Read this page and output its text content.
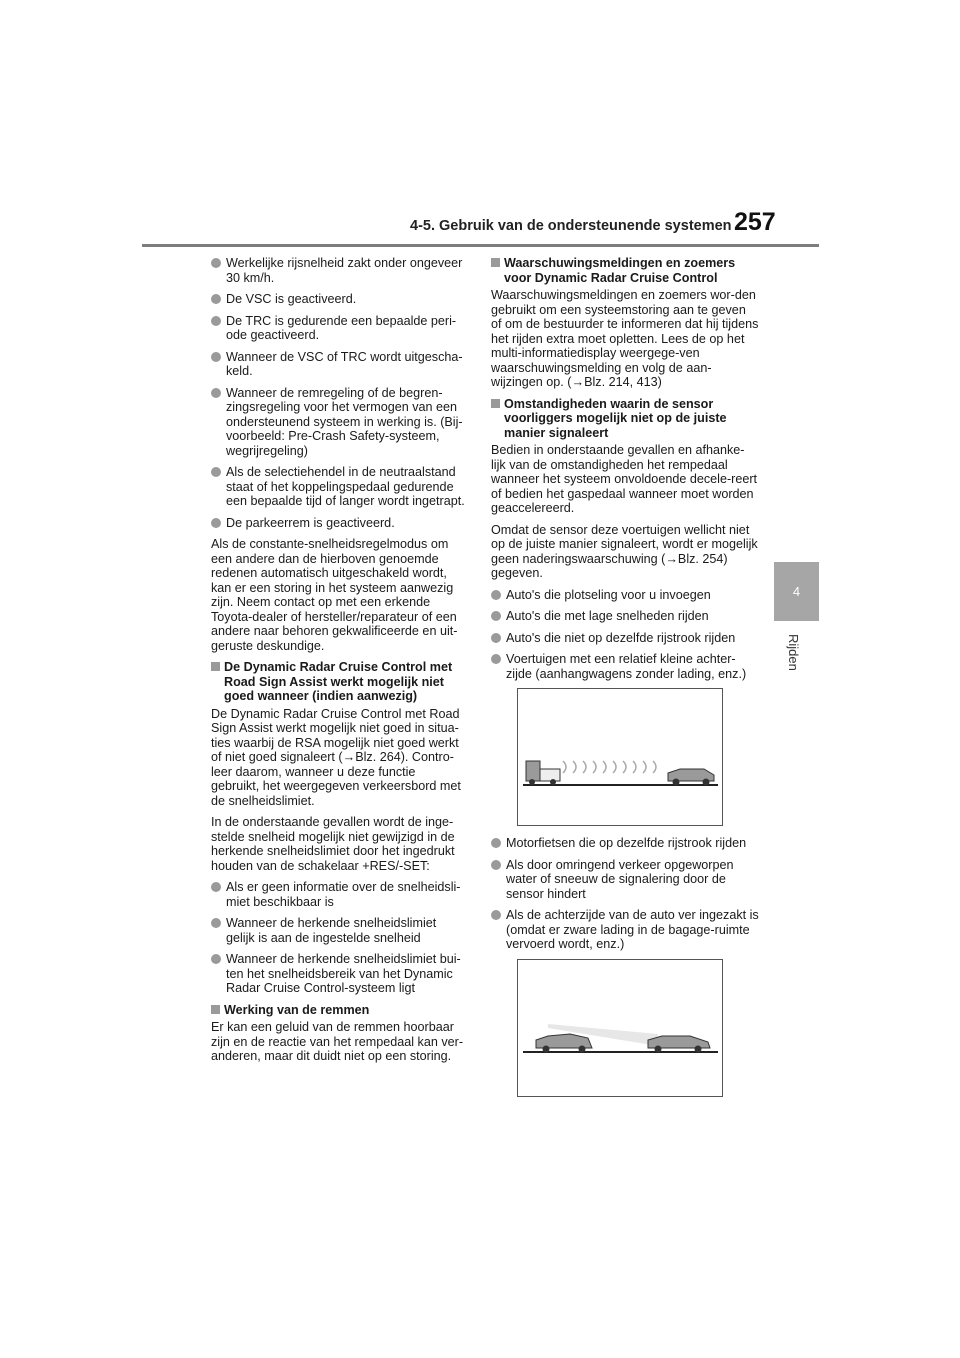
4-5. Gebruik van de ondersteunende systemen 257
4
Rijden
Werkelijke rijsnelheid zakt onder ongeveer 30 km/h.
De VSC is geactiveerd.
De TRC is gedurende een bepaalde peri-ode geactiveerd.
Wanneer de VSC of TRC wordt uitgescha-keld.
Wanneer de remregeling of de begren-zingsregeling voor het vermogen van een ondersteunend systeem in werking is. (Bij-voorbeeld: Pre-Crash Safety-systeem, wegrijregeling)
Als de selectiehendel in de neutraalstand staat of het koppelingspedaal gedurende een bepaalde tijd of langer wordt ingetrapt.
De parkeerrem is geactiveerd.
Als de constante-snelheidsregelmodus om een andere dan de hierboven genoemde redenen automatisch uitgeschakeld wordt, kan er een storing in het systeem aanwezig zijn. Neem contact op met een erkende Toyota-dealer of hersteller/reparateur of een andere naar behoren gekwalificeerde en uit-geruste deskundige.
De Dynamic Radar Cruise Control met Road Sign Assist werkt mogelijk niet goed wanneer (indien aanwezig)
De Dynamic Radar Cruise Control met Road Sign Assist werkt mogelijk niet goed in situa-ties waarbij de RSA mogelijk niet goed werkt of niet goed signaleert (→Blz. 264). Contro-leer daarom, wanneer u deze functie gebruikt, het weergegeven verkeersbord met de snelheidslimiet.
In de onderstaande gevallen wordt de inge-stelde snelheid mogelijk niet gewijzigd in de herkende snelheidslimiet door het ingedrukt houden van de schakelaar +RES/-SET:
Als er geen informatie over de snelheidsli-miet beschikbaar is
Wanneer de herkende snelheidslimiet gelijk is aan de ingestelde snelheid
Wanneer de herkende snelheidslimiet bui-ten het snelheidsbereik van het Dynamic Radar Cruise Control-systeem ligt
Werking van de remmen
Er kan een geluid van de remmen hoorbaar zijn en de reactie van het rempedaal kan ver-anderen, maar dit duidt niet op een storing.
Waarschuwingsmeldingen en zoemers voor Dynamic Radar Cruise Control
Waarschuwingsmeldingen en zoemers wor-den gebruikt om een systeemstoring aan te geven of om de bestuurder te informeren dat hij tijdens het rijden extra moet opletten. Lees de op het multi-informatiedisplay weergege-ven waarschuwingsmelding en volg de aan-wijzingen op. (→Blz. 214, 413)
Omstandigheden waarin de sensor voorliggers mogelijk niet op de juiste manier signaleert
Bedien in onderstaande gevallen en afhanke-lijk van de omstandigheden het rempedaal wanneer het systeem onvoldoende decele-reert of bedien het gaspedaal wanneer moet worden geaccelereerd.
Omdat de sensor deze voertuigen wellicht niet op de juiste manier signaleert, wordt er mogelijk geen naderingswaarschuwing (→Blz. 254) gegeven.
Auto's die plotseling voor u invoegen
Auto's die met lage snelheden rijden
Auto's die niet op dezelfde rijstrook rijden
Voertuigen met een relatief kleine achter-zijde (aanhangwagens zonder lading, enz.)
Motorfietsen die op dezelfde rijstrook rijden
Als door omringend verkeer opgeworpen water of sneeuw de signalering door de sensor hindert
Als de achterzijde van de auto ver ingezakt is (omdat er zware lading in de bagage-ruimte vervoerd wordt, enz.)
